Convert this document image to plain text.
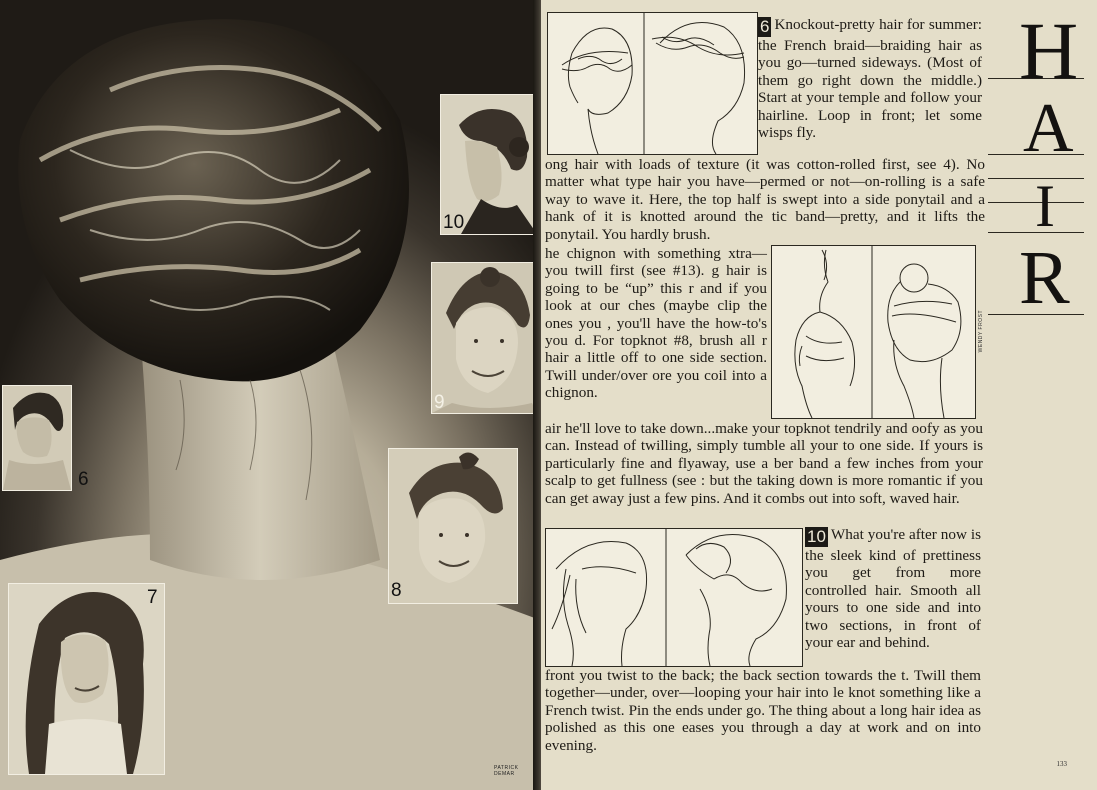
10
9
6
8
7
PATRICK DEMAR

6 Knockout-pretty hair for summer: the French braid—braiding hair as you go—turned sideways. (Most of them go right down the middle.) Start at your temple and follow your hairline. Loop in front; let some wisps fly.

H
A
I
R

ong hair with loads of texture (it was cotton-rolled first, see 4). No matter what type hair you have—permed or not—on-rolling is a safe way to wave it. Here, the top half is swept into a side ponytail and a hank of it is knotted around the tic band—pretty, and it lifts the ponytail. You hardly brush.

WENDY FROST

he chignon with something xtra—you twill first (see #13). g hair is going to be “up” this r and if you look at our ches (maybe clip the ones you , you'll have the how-to's you d. For topknot #8, brush all r hair a little off to one side section. Twill under/over ore you coil into a chignon.

air he'll love to take down...make your topknot tendrily and oofy as you can. Instead of twilling, simply tumble all your to one side. If yours is particularly fine and flyaway, use a ber band a few inches from your scalp to get fullness (see : but the taking down is more romantic if you can get away just a few pins. And it combs out into soft, waved hair.

10 What you're after now is the sleek kind of prettiness you get from more controlled hair. Smooth all yours to one side and into two sections, in front of your ear and behind.

front you twist to the back; the back section towards the t. Twill them together—under, over—looping your hair into le knot something like a French twist. Pin the ends under go. The thing about a long hair idea as polished as this one eases you through a day at work and on into evening.

133
